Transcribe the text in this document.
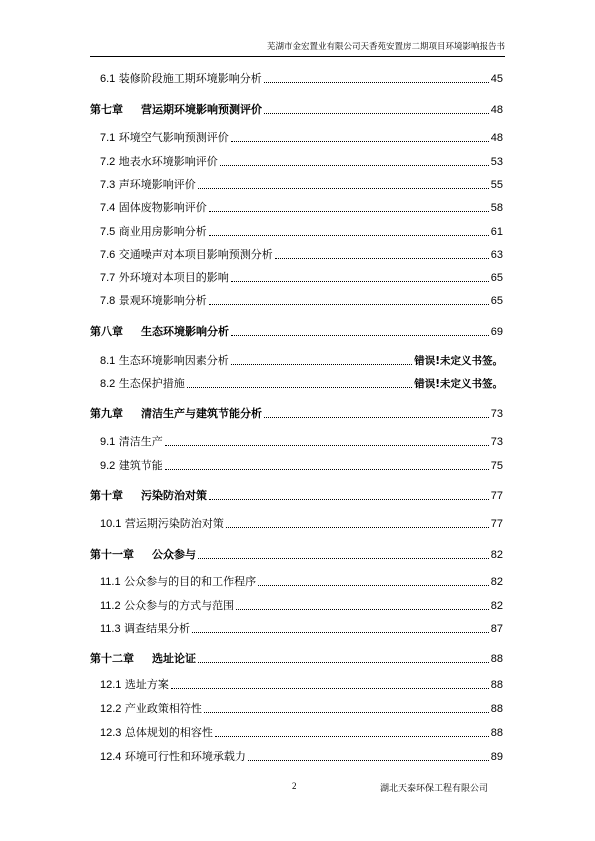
芜湖市金宏置业有限公司天香苑安置房二期项目环境影响报告书
6.1 装修阶段施工期环境影响分析	45
第七章 营运期环境影响预测评价	48
7.1 环境空气影响预测评价	48
7.2 地表水环境影响评价	53
7.3 声环境影响评价	55
7.4 固体废物影响评价	58
7.5 商业用房影响分析	61
7.6 交通噪声对本项目影响预测分析	63
7.7 外环境对本项目的影响	65
7.8 景观环境影响分析	65
第八章 生态环境影响分析	69
8.1 生态环境影响因素分析	错误!未定义书签。
8.2 生态保护措施	错误!未定义书签。
第九章 清洁生产与建筑节能分析	73
9.1 清洁生产	73
9.2 建筑节能	75
第十章 污染防治对策	77
10.1 营运期污染防治对策	77
第十一章 公众参与	82
11.1 公众参与的目的和工作程序	82
11.2 公众参与的方式与范围	82
11.3 调查结果分析	87
第十二章 选址论证	88
12.1 选址方案	88
12.2 产业政策相符性	88
12.3 总体规划的相容性	88
12.4 环境可行性和环境承载力	89
2	湖北天泰环保工程有限公司
